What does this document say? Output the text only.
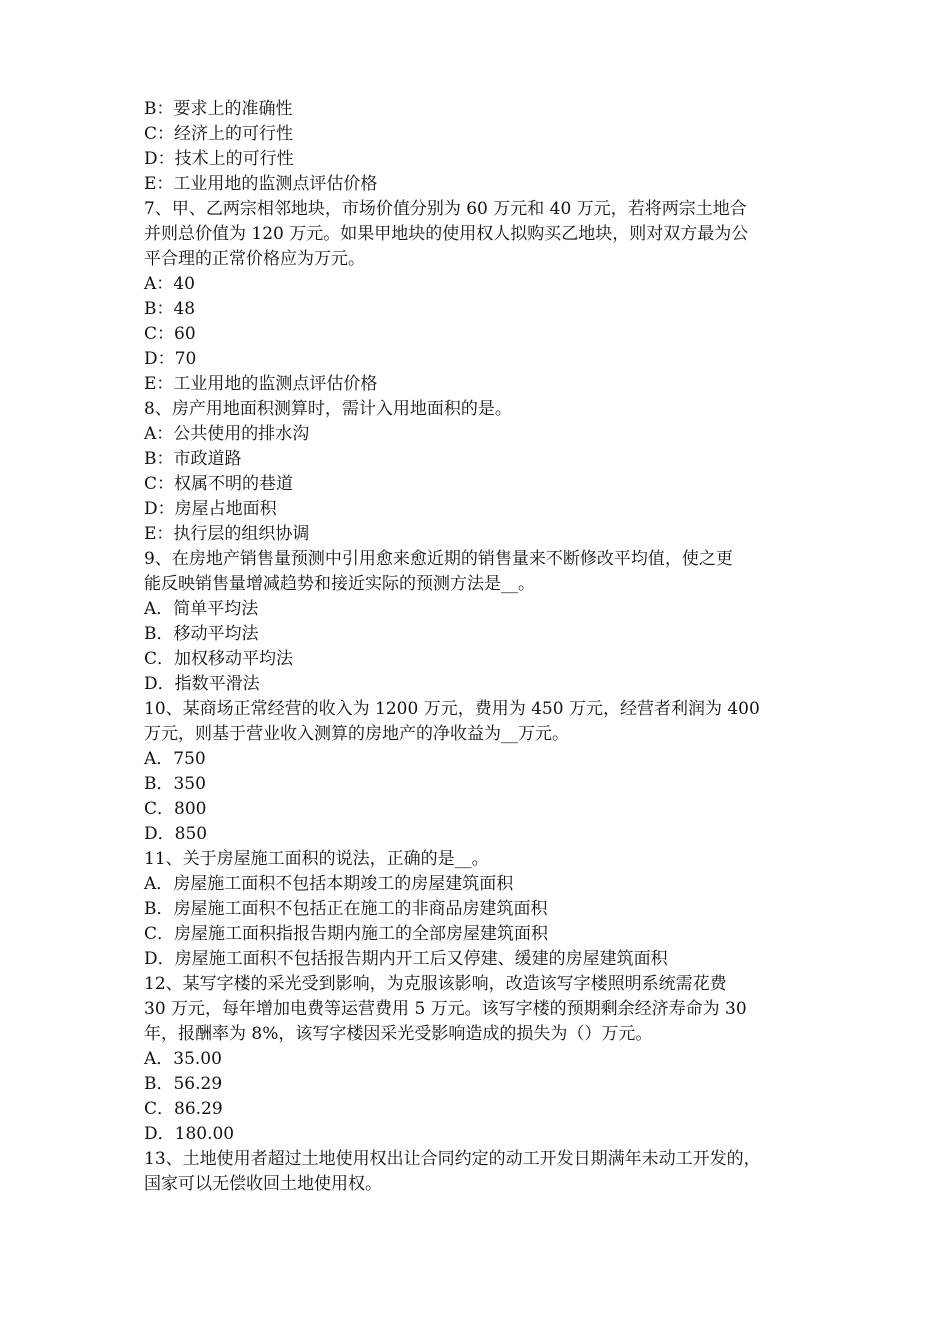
B：要求上的准确性
C：经济上的可行性
D：技术上的可行性
E：工业用地的监测点评估价格
7、甲、乙两宗相邻地块，市场价值分别为 60 万元和 40 万元，若将两宗土地合
并则总价值为 120 万元。如果甲地块的使用权人拟购买乙地块，则对双方最为公
平合理的正常价格应为万元。
A：40
B：48
C：60
D：70
E：工业用地的监测点评估价格
8、房产用地面积测算时，需计入用地面积的是。
A：公共使用的排水沟
B：市政道路
C：权属不明的巷道
D：房屋占地面积
E：执行层的组织协调
9、在房地产销售量预测中引用愈来愈近期的销售量来不断修改平均值，使之更
能反映销售量增减趋势和接近实际的预测方法是__。
A．简单平均法
B．移动平均法
C．加权移动平均法
D．指数平滑法
10、某商场正常经营的收入为 1200 万元，费用为 450 万元，经营者利润为 400
万元，则基于营业收入测算的房地产的净收益为__万元。
A．750
B．350
C．800
D．850
11、关于房屋施工面积的说法，正确的是__。
A．房屋施工面积不包括本期竣工的房屋建筑面积
B．房屋施工面积不包括正在施工的非商品房建筑面积
C．房屋施工面积指报告期内施工的全部房屋建筑面积
D．房屋施工面积不包括报告期内开工后又停建、缓建的房屋建筑面积
12、某写字楼的采光受到影响，为克服该影响，改造该写字楼照明系统需花费
30 万元，每年增加电费等运营费用 5 万元。该写字楼的预期剩余经济寿命为 30
年，报酬率为 8%，该写字楼因采光受影响造成的损失为（）万元。
A．35.00
B．56.29
C．86.29
D．180.00
13、土地使用者超过土地使用权出让合同约定的动工开发日期满年未动工开发的，
国家可以无偿收回土地使用权。
